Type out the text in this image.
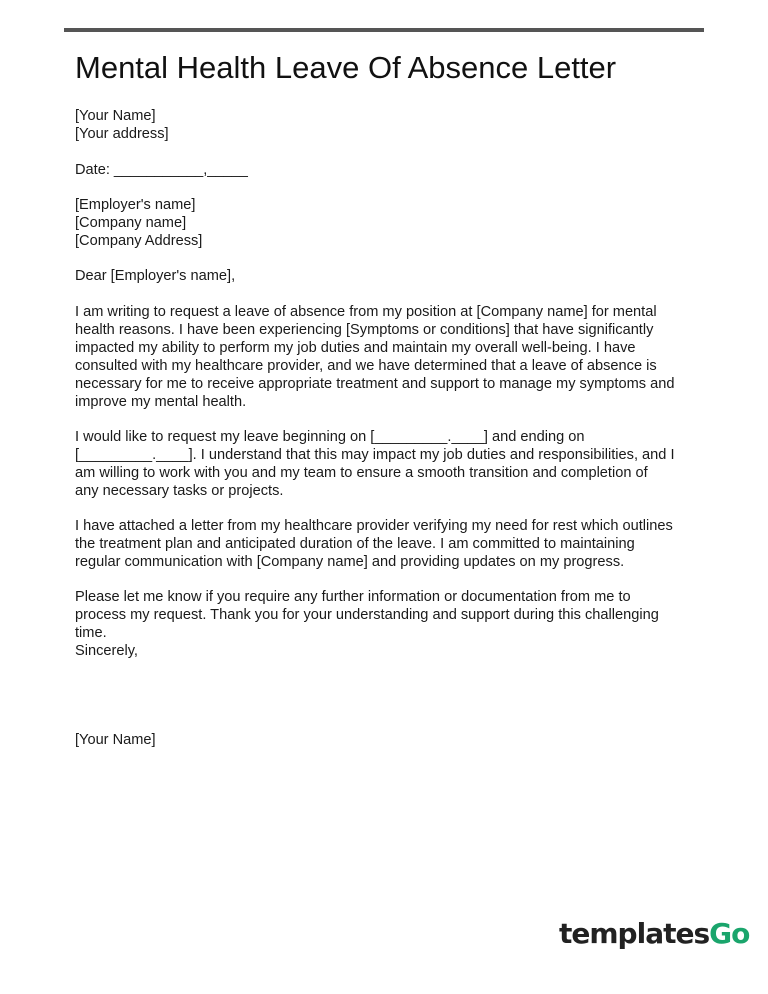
Mental Health Leave Of Absence Letter

[Your Name]

[Your address]

Date: ___________,_____

[Employer's name]

[Company name]

[Company Address]

Dear [Employer's name],

I am writing to request a leave of absence from my position at [Company name] for mental

health reasons. I have been experiencing [Symptoms or conditions] that have significantly

impacted my ability to perform my job duties and maintain my overall well-being. I have

consulted with my healthcare provider, and we have determined that a leave of absence is

necessary for me to receive appropriate treatment and support to manage my symptoms and

improve my mental health.

I would like to request my leave beginning on [_________.____] and ending on

[_________.____]. I understand that this may impact my job duties and responsibilities, and I

am willing to work with you and my team to ensure a smooth transition and completion of

any necessary tasks or projects.

I have attached a letter from my healthcare provider verifying my need for rest which outlines

the treatment plan and anticipated duration of the leave. I am committed to maintaining

regular communication with [Company name] and providing updates on my progress.

Please let me know if you require any further information or documentation from me to

process my request. Thank you for your understanding and support during this challenging

time.

Sincerely,

[Your Name]

templatesGo
